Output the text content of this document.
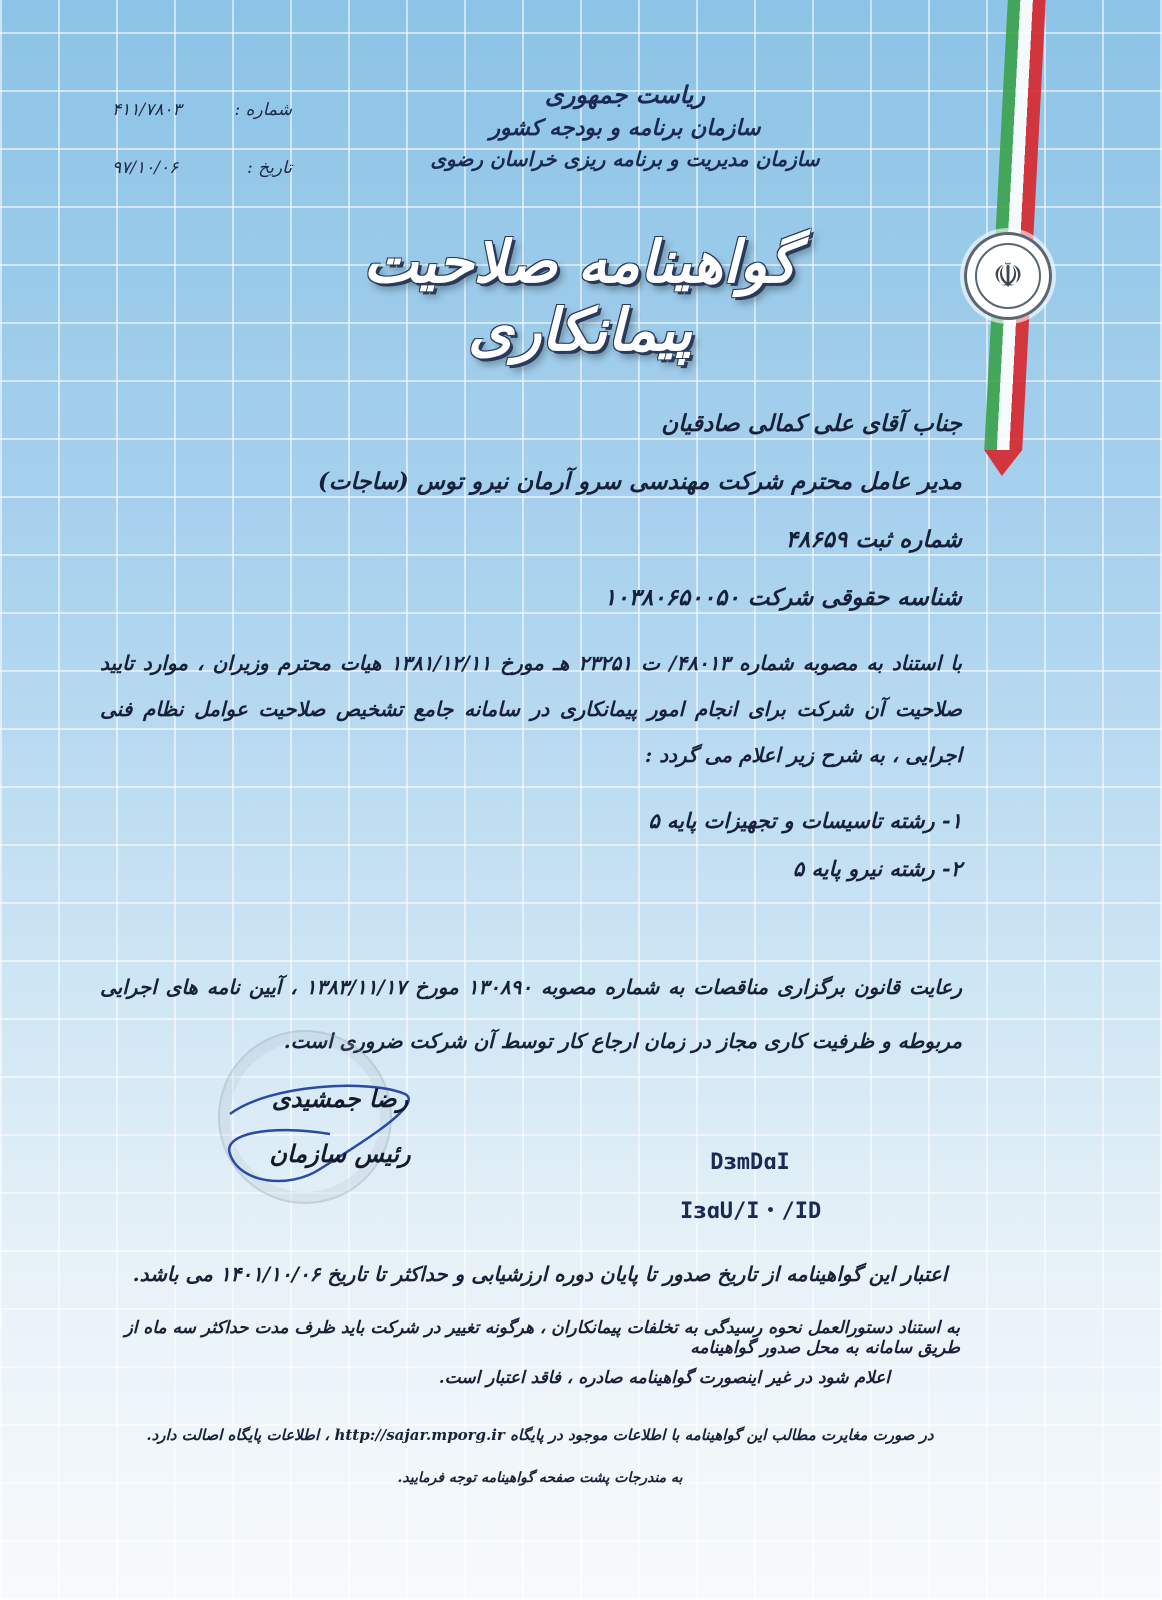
☫
شماره :
۴۱۱/۷۸۰۳
تاریخ :
۹۷/۱۰/۰۶
ریاست جمهوری
سازمان برنامه و بودجه کشور
سازمان مدیریت و برنامه ریزی خراسان رضوی
گواهینامه صلاحیت پیمانکاری
جناب آقای علی کمالی صادقیان
مدیر عامل محترم شرکت مهندسی سرو آرمان نیرو توس (ساجات)
شماره ثبت ۴۸۶۵۹
شناسه حقوقی شرکت ۱۰۳۸۰۶۵۰۰۵۰
با استناد به مصوبه شماره ۴۸۰۱۳/ ت ۲۳۲۵۱ هـ مورخ ۱۳۸۱/۱۲/۱۱ هیات محترم وزیران ، موارد تایید صلاحیت آن شرکت برای انجام امور پیمانکاری در سامانه جامع تشخیص صلاحیت عوامل نظام فنی اجرایی ، به شرح زیر اعلام می گردد :
۱- رشته تاسیسات و تجهیزات پایه ۵
۲- رشته نیرو پایه ۵
رعایت قانون برگزاری مناقصات به شماره مصوبه ۱۳۰۸۹۰ مورخ ۱۳۸۳/۱۱/۱۷ ، آیین نامه های اجرایی مربوطه و ظرفیت کاری مجاز در زمان ارجاع کار توسط آن شرکت ضروری است.
رضا جمشیدی
رئیس سازمان	DɜmDɑI
IɜɑU/I・/ID
اعتبار این گواهینامه از تاریخ صدور تا پایان دوره ارزشیابی و حداکثر تا تاریخ ۱۴۰۱/۱۰/۰۶ می باشد.
به استناد دستورالعمل نحوه رسیدگی به تخلفات پیمانکاران ، هرگونه تغییر در شرکت باید ظرف مدت حداکثر سه ماه از طریق سامانه به محل صدور گواهینامه
اعلام شود در غیر اینصورت گواهینامه صادره ، فاقد اعتبار است.
در صورت مغایرت مطالب این گواهینامه با اطلاعات موجود در پایگاه http://sajar.mporg.ir ، اطلاعات پایگاه اصالت دارد.
به مندرجات پشت صفحه گواهینامه توجه فرمایید.
